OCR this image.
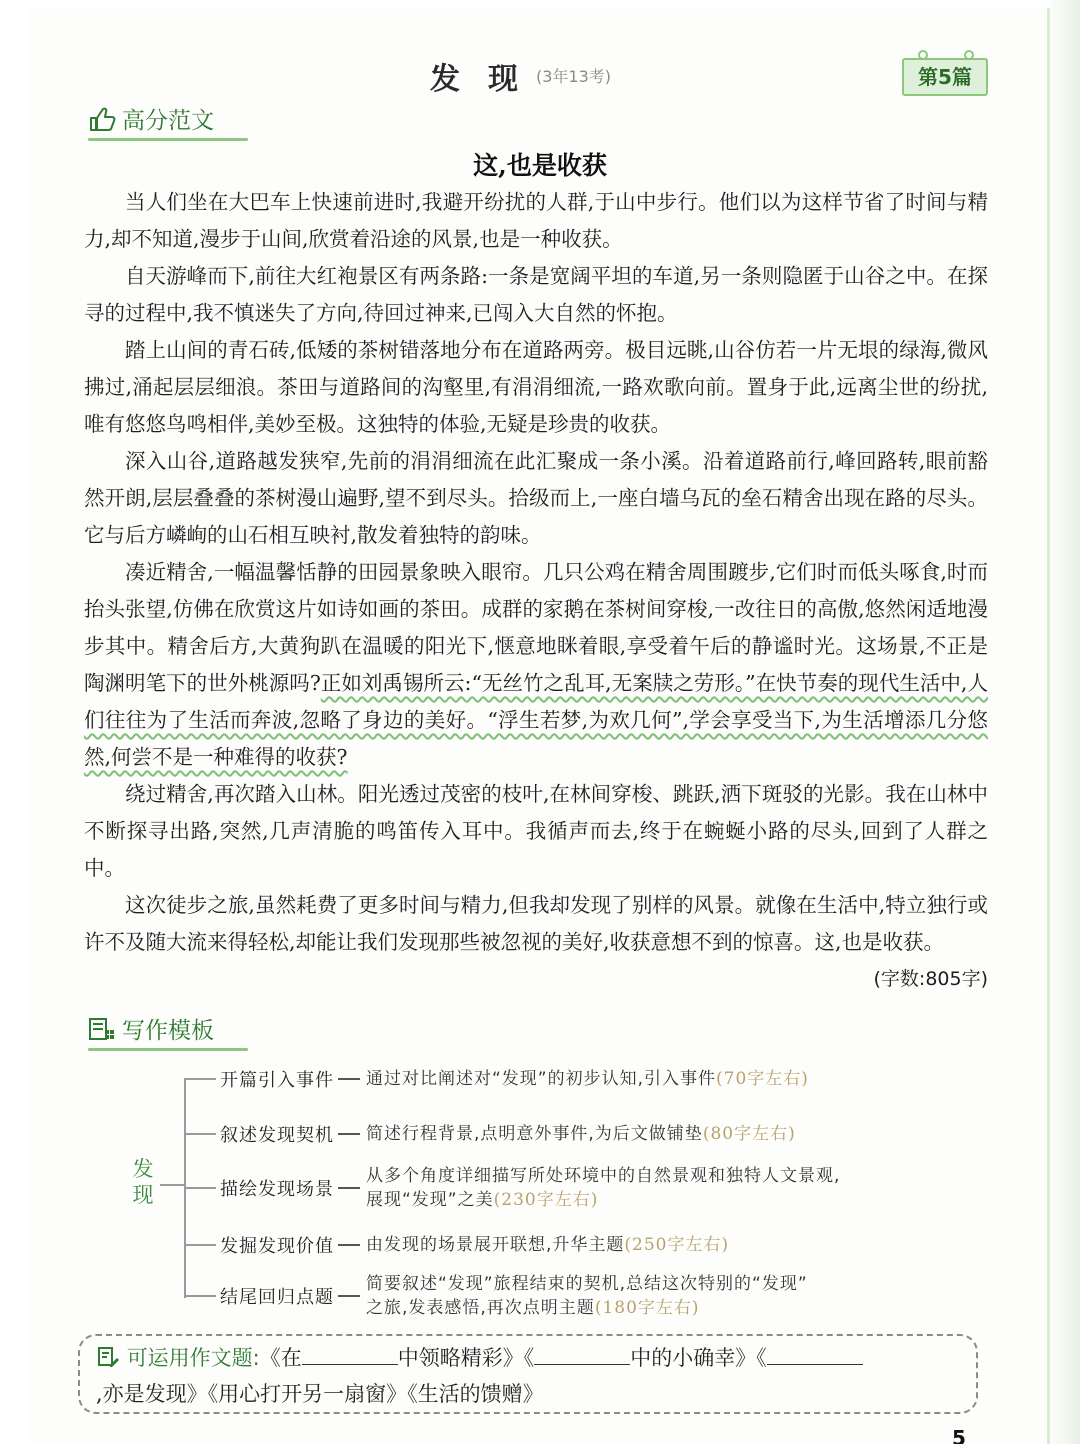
发现
(3年13考)	第5篇
高分范文
这,也是收获

当人们坐在大巴车上快速前进时,我避开纷扰的人群,于山中步行。他们以为这样节省了时间与精力,却不知道,漫步于山间,欣赏着沿途的风景,也是一种收获。

自天游峰而下,前往大红袍景区有两条路:一条是宽阔平坦的车道,另一条则隐匿于山谷之中。在探寻的过程中,我不慎迷失了方向,待回过神来,已闯入大自然的怀抱。

踏上山间的青石砖,低矮的茶树错落地分布在道路两旁。极目远眺,山谷仿若一片无垠的绿海,微风拂过,涌起层层细浪。茶田与道路间的沟壑里,有涓涓细流,一路欢歌向前。置身于此,远离尘世的纷扰,唯有悠悠鸟鸣相伴,美妙至极。这独特的体验,无疑是珍贵的收获。

深入山谷,道路越发狭窄,先前的涓涓细流在此汇聚成一条小溪。沿着道路前行,峰回路转,眼前豁然开朗,层层叠叠的茶树漫山遍野,望不到尽头。拾级而上,一座白墙乌瓦的垒石精舍出现在路的尽头。它与后方嶙峋的山石相互映衬,散发着独特的韵味。

凑近精舍,一幅温馨恬静的田园景象映入眼帘。几只公鸡在精舍周围踱步,它们时而低头啄食,时而抬头张望,仿佛在欣赏这片如诗如画的茶田。成群的家鹅在茶树间穿梭,一改往日的高傲,悠然闲适地漫步其中。精舍后方,大黄狗趴在温暖的阳光下,惬意地眯着眼,享受着午后的静谧时光。这场景,不正是陶渊明笔下的世外桃源吗?正如刘禹锡所云:“无丝竹之乱耳,无案牍之劳形。”在快节奏的现代生活中,人们往往为了生活而奔波,忽略了身边的美好。“浮生若梦,为欢几何”,学会享受当下,为生活增添几分悠然,何尝不是一种难得的收获?

绕过精舍,再次踏入山林。阳光透过茂密的枝叶,在林间穿梭、跳跃,洒下斑驳的光影。我在山林中不断探寻出路,突然,几声清脆的鸣笛传入耳中。我循声而去,终于在蜿蜒小路的尽头,回到了人群之中。

这次徒步之旅,虽然耗费了更多时间与精力,但我却发现了别样的风景。就像在生活中,特立独行或许不及随大流来得轻松,却能让我们发现那些被忽视的美好,收获意想不到的惊喜。这,也是收获。

(字数:805字)
写作模板
发现
开篇引入事件 通过对比阐述对“发现”的初步认知,引入事件(70字左右)
叙述发现契机 简述行程背景,点明意外事件,为后文做铺垫(80字左右)
描绘发现场景
从多个角度详细描写所处环境中的自然景观和独特人文景观,
展现“发现”之美(230字左右)
发掘发现价值 由发现的场景展开联想,升华主题(250字左右)
结尾回归点题
简要叙述“发现”旅程结束的契机,总结这次特别的“发现”
之旅,发表感悟,再次点明主题(180字左右)
可运用作文题:《在	中领略精彩》《	中的小确幸》《,亦是发现》《用心打开另一扇窗》《生活的馈赠》
5
